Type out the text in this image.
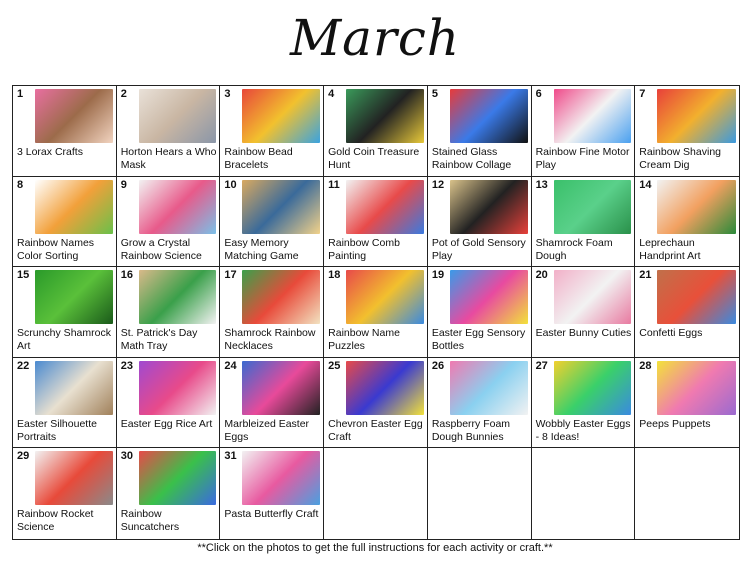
March
1
3 Lorax Crafts
2
Horton Hears a Who Mask
3
Rainbow Bead Bracelets
4
Gold Coin Treasure Hunt
5
Stained Glass Rainbow Collage
6
Rainbow Fine Motor Play
7
Rainbow Shaving Cream Dig
8
Rainbow Names Color Sorting
9
Grow a Crystal Rainbow Science
10
Easy Memory Matching Game
11
Rainbow Comb Painting
12
Pot of Gold Sensory Play
13
Shamrock Foam Dough
14
Leprechaun Handprint Art
15
Scrunchy Shamrock Art
16
St. Patrick's Day Math Tray
17
Shamrock Rainbow Necklaces
18
Rainbow Name Puzzles
19
Easter Egg Sensory Bottles
20
Easter Bunny Cuties
21
Confetti Eggs
22
Easter Silhouette Portraits
23
Easter Egg Rice Art
24
Marbleized Easter Eggs
25
Chevron Easter Egg Craft
26
Raspberry Foam Dough Bunnies
27
Wobbly Easter Eggs - 8 Ideas!
28
Peeps Puppets
29
Rainbow Rocket Science
30
Rainbow Suncatchers
31
Pasta Butterfly Craft
**Click on the photos to get the full instructions for each activity or craft.**
